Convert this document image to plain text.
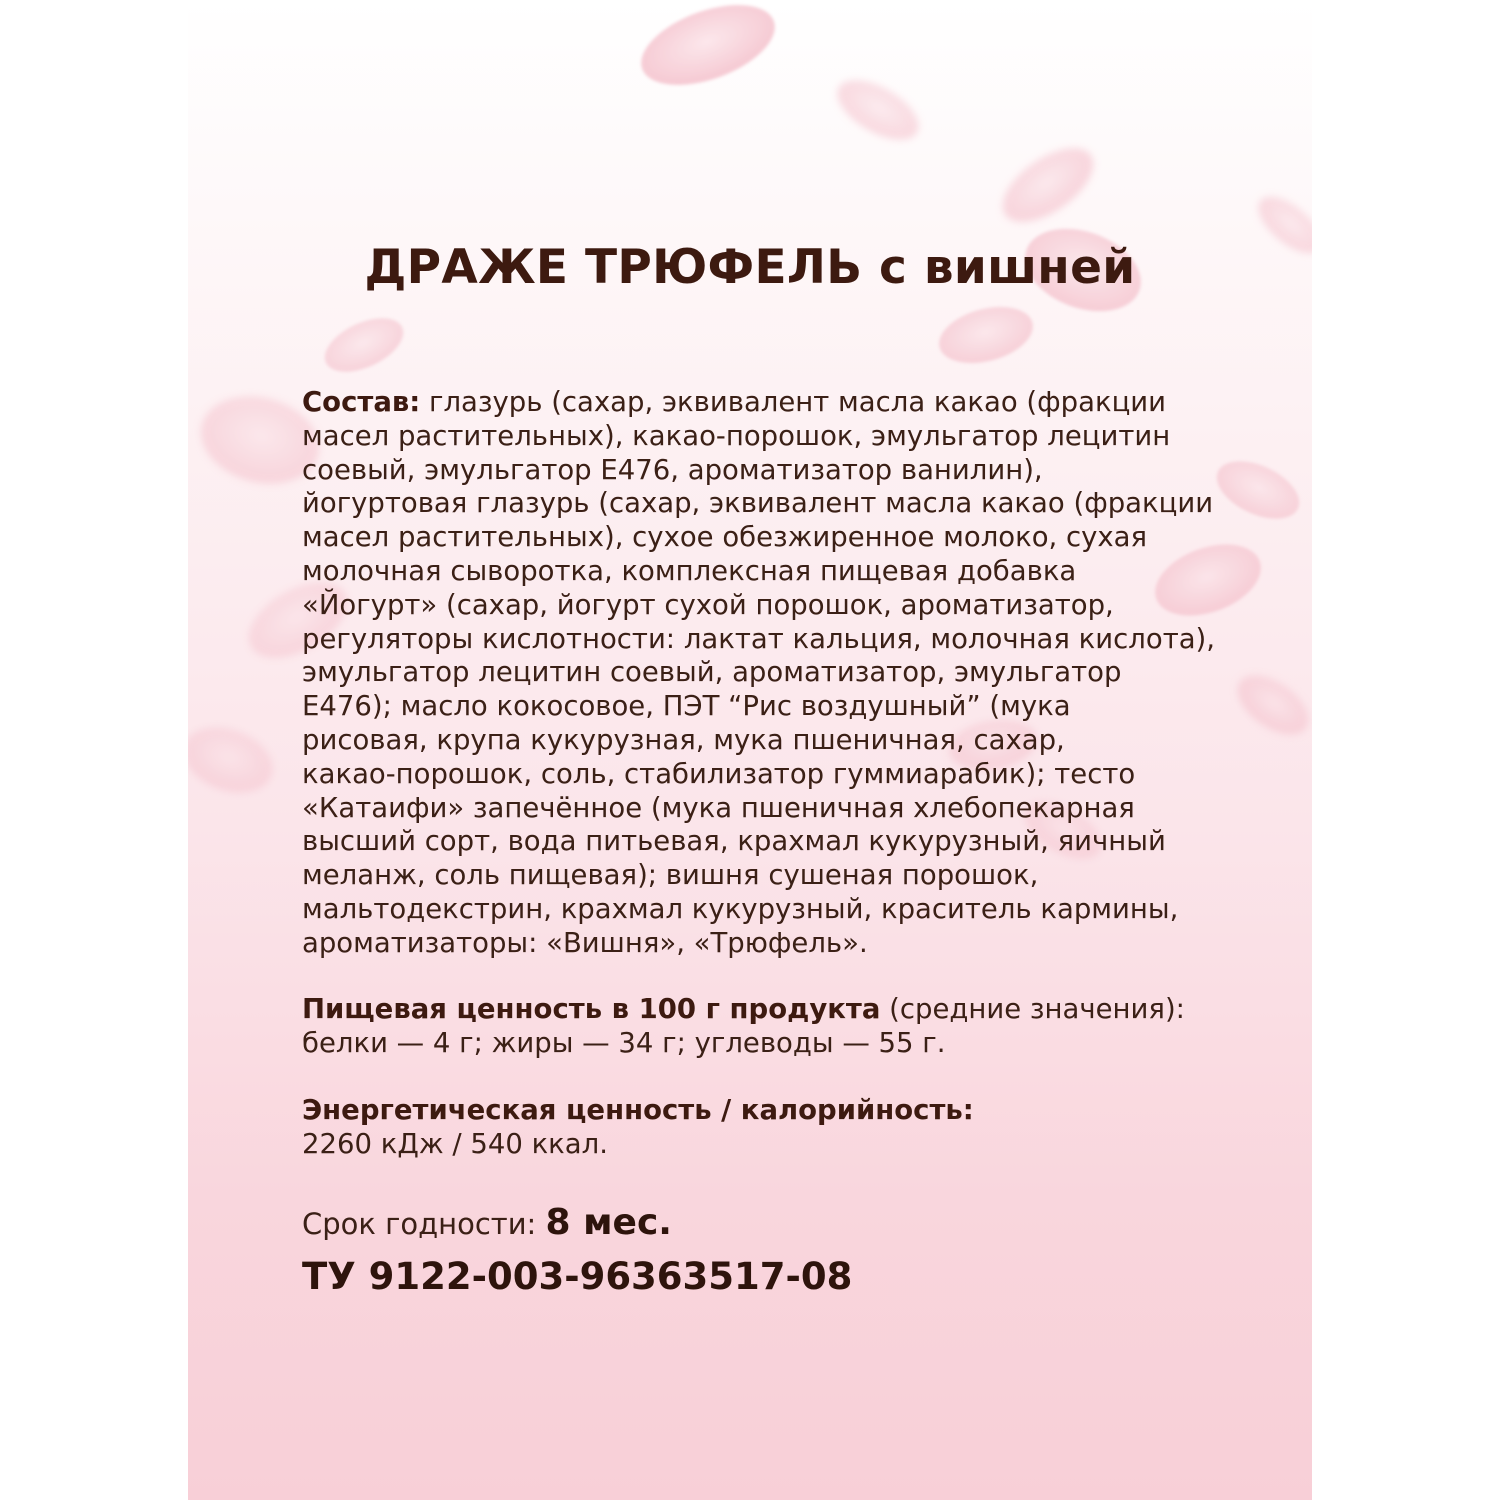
ДРАЖЕ ТРЮФЕЛЬ с вишней
Состав: глазурь (сахар, эквивалент масла какао (фракции
масел растительных), какао-порошок, эмульгатор лецитин
соевый, эмульгатор Е476, ароматизатор ванилин),
йогуртовая глазурь (сахар, эквивалент масла какао (фракции
масел растительных), сухое обезжиренное молоко, сухая
молочная сыворотка, комплексная пищевая добавка
«Йогурт» (сахар, йогурт сухой порошок, ароматизатор,
регуляторы кислотности: лактат кальция, молочная кислота),
эмульгатор лецитин соевый, ароматизатор, эмульгатор
Е476); масло кокосовое, ПЭТ “Рис воздушный” (мука
рисовая, крупа кукурузная, мука пшеничная, сахар,
какао-порошок, соль, стабилизатор гуммиарабик); тесто
«Катаифи» запечённое (мука пшеничная хлебопекарная
высший сорт, вода питьевая, крахмал кукурузный, яичный
меланж, соль пищевая); вишня сушеная порошок,
мальтодекстрин, крахмал кукурузный, краситель кармины,
ароматизаторы: «Вишня», «Трюфель».
Пищевая ценность в 100 г продукта (средние значения):
белки — 4 г; жиры — 34 г; углеводы — 55 г.
Энергетическая ценность / калорийность:
2260 кДж / 540 ккал.
Срок годности: 8 мес.
ТУ 9122-003-96363517-08
